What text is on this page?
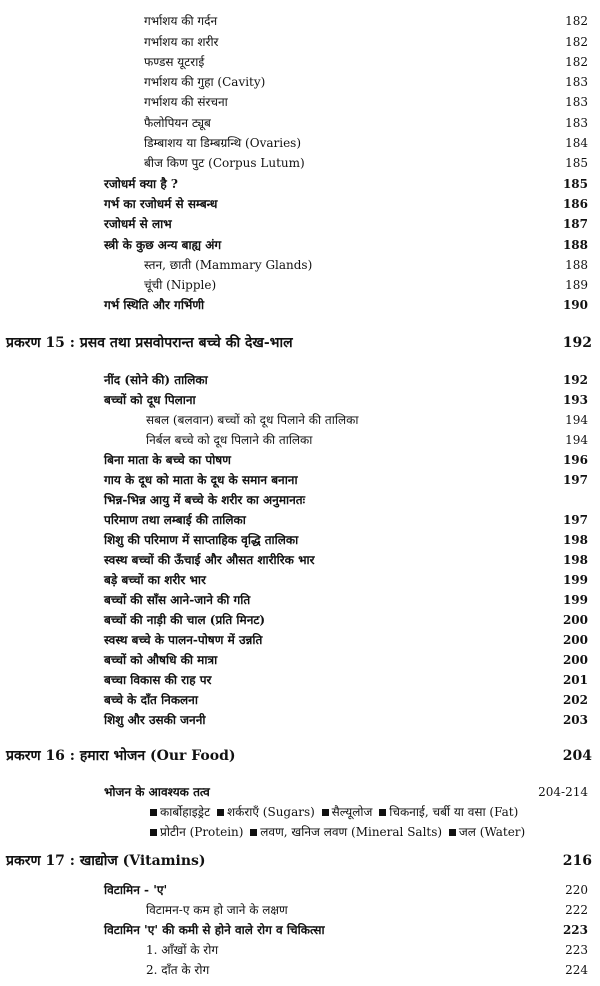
गर्भाशय की गर्दन	182
गर्भाशय का शरीर	182
फण्डस यूटराई	182
गर्भाशय की गुहा (Cavity)	183
गर्भाशय की संरचना	183
फैलोपियन ट्यूब	183
डिम्बाशय या डिम्बग्रन्थि (Ovaries)	184
बीज किण पुट (Corpus Lutum)	185
रजोधर्म क्या है ?	185
गर्भ का रजोधर्म से सम्बन्ध	186
रजोधर्म से लाभ	187
स्त्री के कुछ अन्य बाह्य अंग	188
स्तन, छाती (Mammary Glands)	188
चूंची (Nipple)	189
गर्भ स्थिति और गर्भिणी	190
प्रकरण 15 : प्रसव तथा प्रसवोपरान्त बच्चे की देख-भाल	192
नींद (सोने की) तालिका	192
बच्चों को दूध पिलाना	193
सबल (बलवान) बच्चों को दूध पिलाने की तालिका	194
निर्बल बच्चे को दूध पिलाने की तालिका	194
बिना माता के बच्चे का पोषण	196
गाय के दूध को माता के दूध के समान बनाना	197
भिन्न-भिन्न आयु में बच्चे के शरीर का अनुमानतः
परिमाण तथा लम्बाई की तालिका	197
शिशु की परिमाण में साप्ताहिक वृद्धि तालिका	198
स्वस्थ बच्चों की ऊँचाई और औसत शारीरिक भार	198
बड़े बच्चों का शरीर भार	199
बच्चों की साँस आने-जाने की गति	199
बच्चों की नाड़ी की चाल (प्रति मिनट)	200
स्वस्थ बच्चे के पालन-पोषण में उन्नति	200
बच्चों को औषधि की मात्रा	200
बच्चा विकास की राह पर	201
बच्चे के दाँत निकलना	202
शिशु और उसकी जननी	203
प्रकरण 16 : हमारा भोजन (Our Food)	204
भोजन के आवश्यक तत्व	204-214
कार्बोहाइड्रेट शर्कराएँ (Sugars) सैल्यूलोज चिकनाई, चर्बी या वसा (Fat)
प्रोटीन (Protein) लवण, खनिज लवण (Mineral Salts) जल (Water)
प्रकरण 17 : खाद्योज (Vitamins)	216
विटामिन - 'ए'	220
विटामन-ए कम हो जाने के लक्षण	222
विटामिन 'ए' की कमी से होने वाले रोग व चिकित्सा	223
1. आँखों के रोग	223
2. दाँत के रोग	224
